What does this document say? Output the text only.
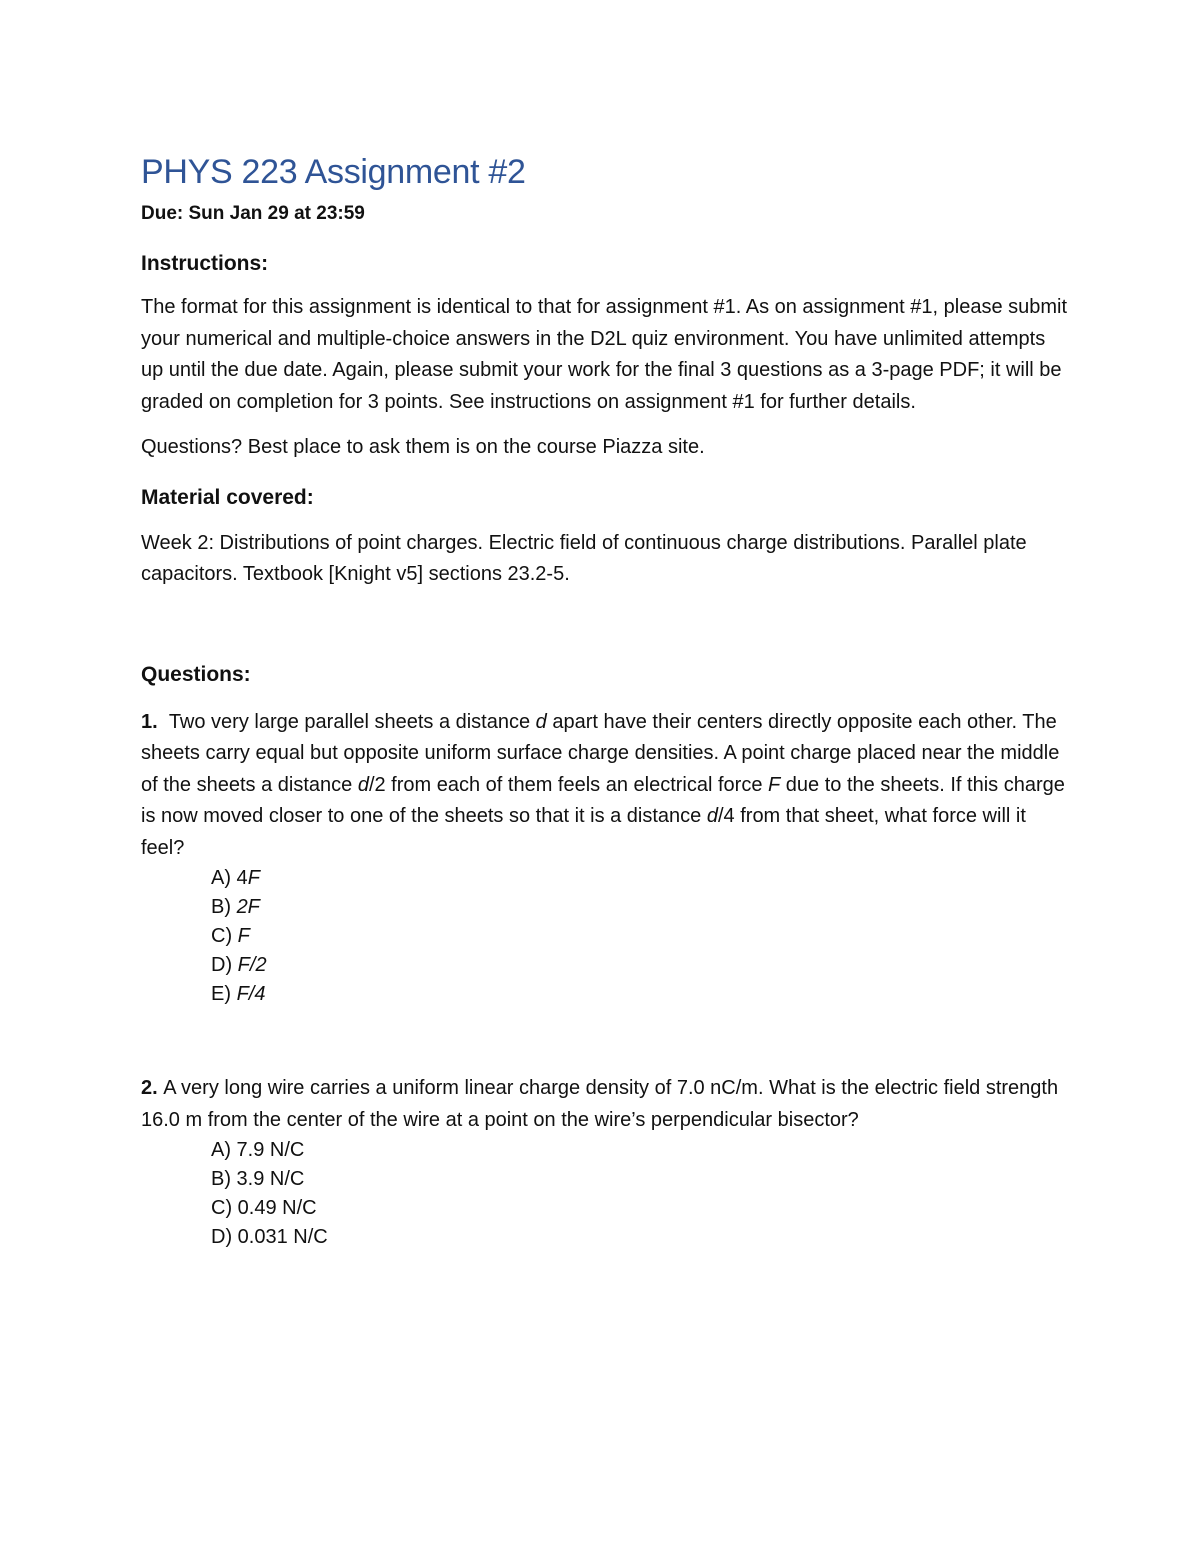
PHYS 223 Assignment #2
Due: Sun Jan 29 at 23:59
Instructions:

The format for this assignment is identical to that for assignment #1. As on assignment #1, please submit your numerical and multiple-choice answers in the D2L quiz environment. You have unlimited attempts up until the due date. Again, please submit your work for the final 3 questions as a 3-page PDF; it will be graded on completion for 3 points. See instructions on assignment #1 for further details.

Questions? Best place to ask them is on the course Piazza site.

Material covered:

Week 2: Distributions of point charges. Electric field of continuous charge distributions. Parallel plate capacitors. Textbook [Knight v5] sections 23.2-5.

Questions:

1. Two very large parallel sheets a distance d apart have their centers directly opposite each other. The sheets carry equal but opposite uniform surface charge densities. A point charge placed near the middle of the sheets a distance d/2 from each of them feels an electrical force F due to the sheets. If this charge is now moved closer to one of the sheets so that it is a distance d/4 from that sheet, what force will it feel?

A) 4F
B) 2F
C) F
D) F/2
E) F/4

2. A very long wire carries a uniform linear charge density of 7.0 nC/m. What is the electric field strength 16.0 m from the center of the wire at a point on the wire’s perpendicular bisector?

A) 7.9 N/C
B) 3.9 N/C
C) 0.49 N/C
D) 0.031 N/C
